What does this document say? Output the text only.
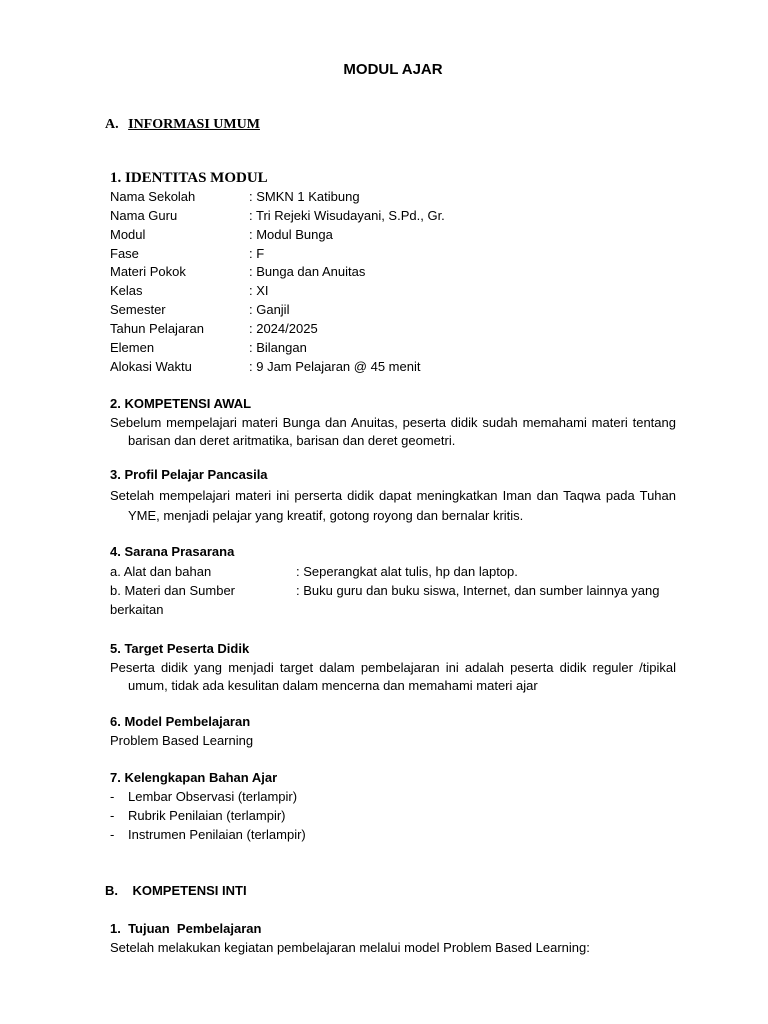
MODUL AJAR
A. INFORMASI UMUM
1. IDENTITAS MODUL
Nama Sekolah	: SMKN 1 Katibung
Nama Guru	: Tri Rejeki Wisudayani, S.Pd., Gr.
Modul	: Modul Bunga
Fase	: F
Materi Pokok	: Bunga dan Anuitas
Kelas	: XI
Semester	: Ganjil
Tahun Pelajaran	: 2024/2025
Elemen	: Bilangan
Alokasi Waktu	: 9 Jam Pelajaran @ 45 menit
2. KOMPETENSI AWAL
Sebelum mempelajari materi Bunga dan Anuitas, peserta didik sudah memahami materi tentang
barisan dan deret aritmatika, barisan dan deret geometri.
3. Profil Pelajar Pancasila
Setelah mempelajari materi ini perserta didik dapat meningkatkan Iman dan Taqwa pada Tuhan
YME, menjadi pelajar yang kreatif, gotong royong dan bernalar kritis.
4. Sarana Prasarana
a. Alat dan bahan	: Seperangkat alat tulis, hp dan laptop.
b. Materi dan Sumber	: Buku guru dan buku siswa, Internet, dan sumber lainnya yang
berkaitan
5. Target Peserta Didik
Peserta didik yang menjadi target dalam pembelajaran ini adalah peserta didik reguler /tipikal
umum, tidak ada kesulitan dalam mencerna dan memahami materi ajar
6. Model Pembelajaran
Problem Based Learning
7. Kelengkapan Bahan Ajar
- Lembar Observasi (terlampir)
- Rubrik Penilaian (terlampir)
- Instrumen Penilaian (terlampir)
B.    KOMPETENSI INTI
1.  Tujuan  Pembelajaran
Setelah melakukan kegiatan pembelajaran melalui model Problem Based Learning:
